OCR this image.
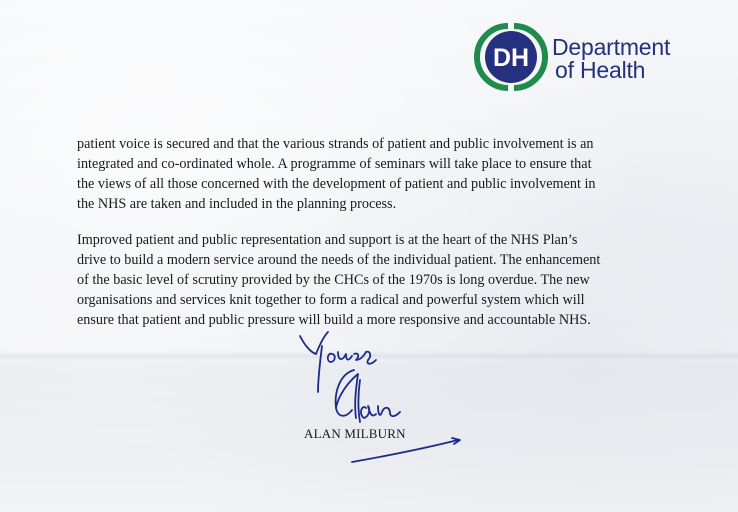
DH Department
of Health

patient voice is secured and that the various strands of patient and public involvement is an
integrated and co-ordinated whole. A programme of seminars will take place to ensure that
the views of all those concerned with the development of patient and public involvement in
the NHS are taken and included in the planning process.

Improved patient and public representation and support is at the heart of the NHS Plan’s
drive to build a modern service around the needs of the individual patient. The enhancement
of the basic level of scrutiny provided by the CHCs of the 1970s is long overdue. The new
organisations and services knit together to form a radical and powerful system which will
ensure that patient and public pressure will build a more responsive and accountable NHS.

ALAN MILBURN
